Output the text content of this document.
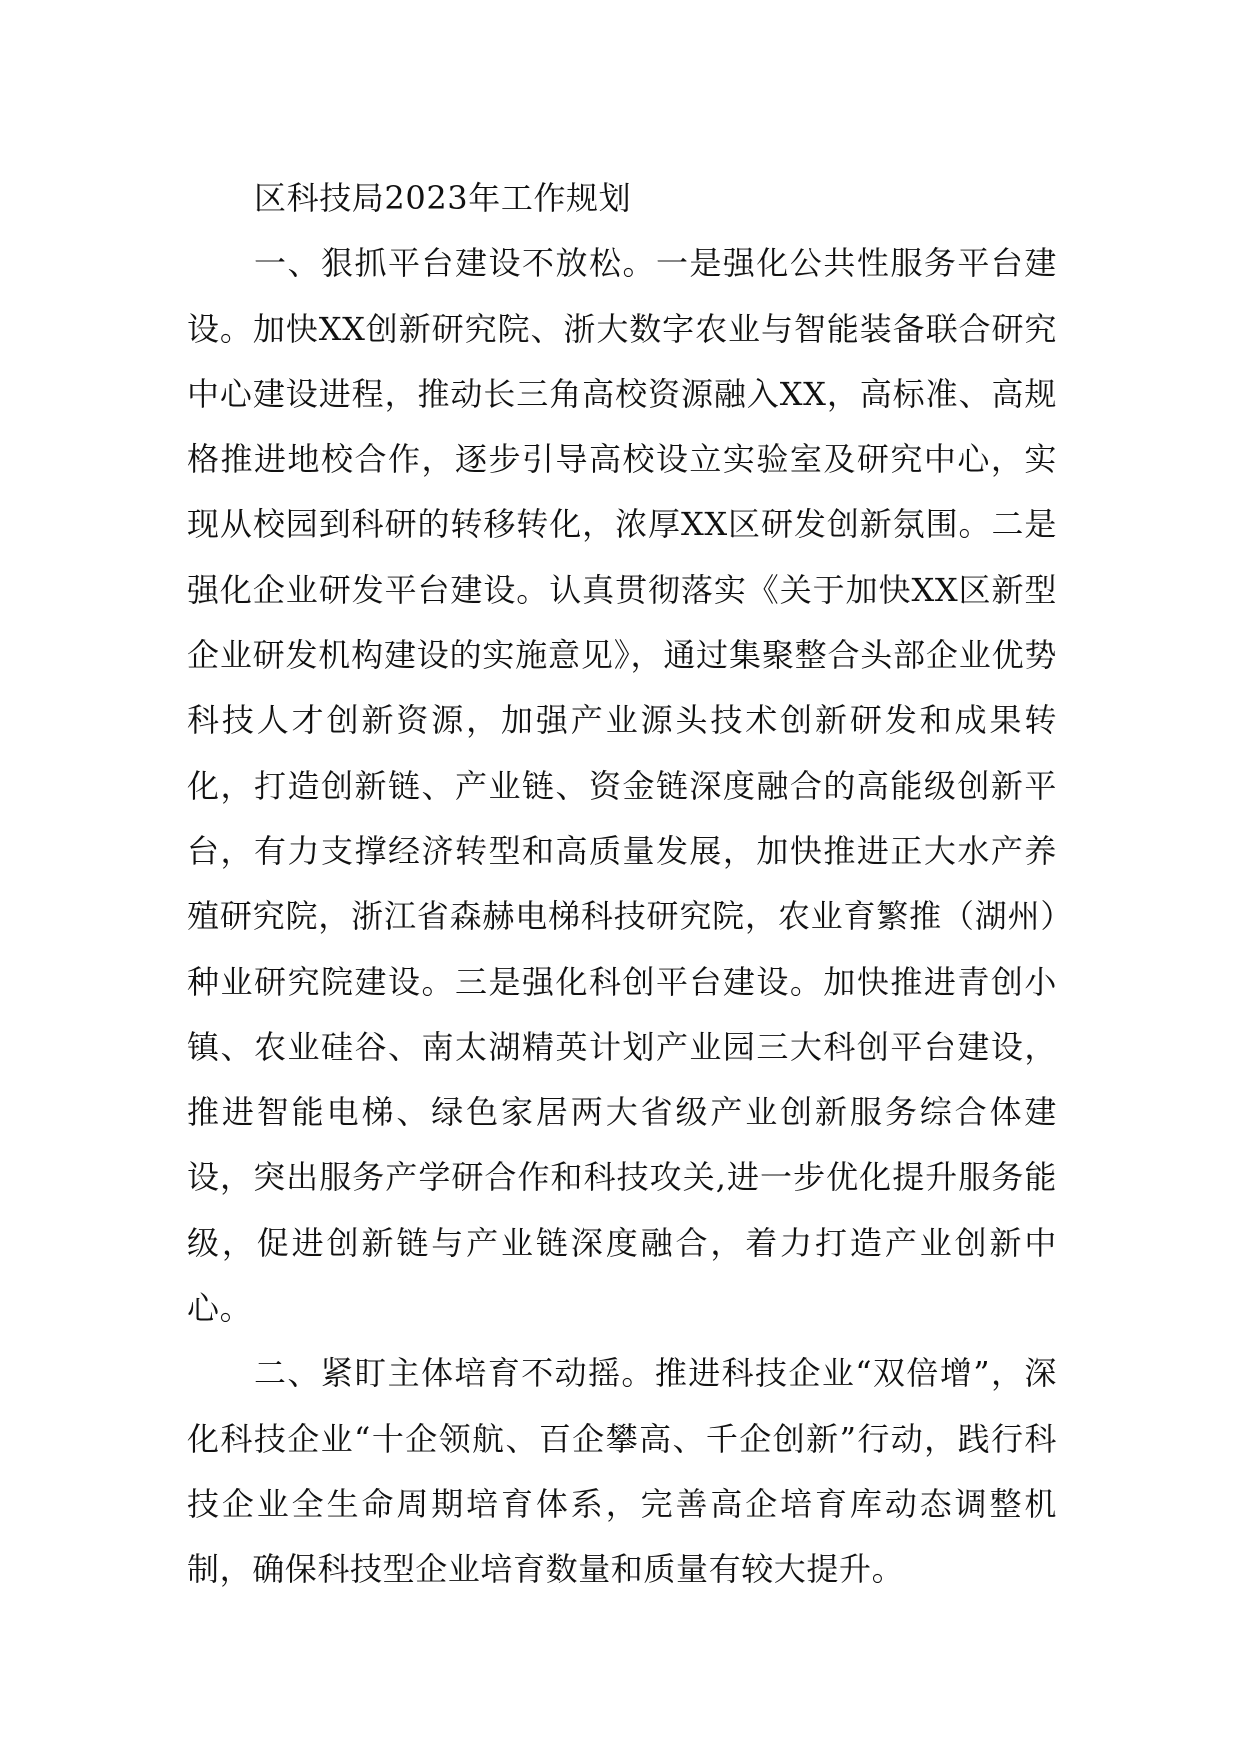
区科技局2023年工作规划

一、狠抓平台建设不放松。一是强化公共性服务平台建设。加快XX创新研究院、浙大数字农业与智能装备联合研究中心建设进程，推动长三角高校资源融入XX，高标准、高规格推进地校合作，逐步引导高校设立实验室及研究中心，实现从校园到科研的转移转化，浓厚XX区研发创新氛围。二是强化企业研发平台建设。认真贯彻落实《关于加快XX区新型企业研发机构建设的实施意见》，通过集聚整合头部企业优势科技人才创新资源，加强产业源头技术创新研发和成果转化，打造创新链、产业链、资金链深度融合的高能级创新平台，有力支撑经济转型和高质量发展，加快推进正大水产养殖研究院，浙江省森赫电梯科技研究院，农业育繁推（湖州）种业研究院建设。三是强化科创平台建设。加快推进青创小镇、农业硅谷、南太湖精英计划产业园三大科创平台建设，推进智能电梯、绿色家居两大省级产业创新服务综合体建设，突出服务产学研合作和科技攻关,进一步优化提升服务能级，促进创新链与产业链深度融合，着力打造产业创新中心。

二、紧盯主体培育不动摇。推进科技企业“双倍增”，深化科技企业“十企领航、百企攀高、千企创新”行动，践行科技企业全生命周期培育体系，完善高企培育库动态调整机制，确保科技型企业培育数量和质量有较大提升。
